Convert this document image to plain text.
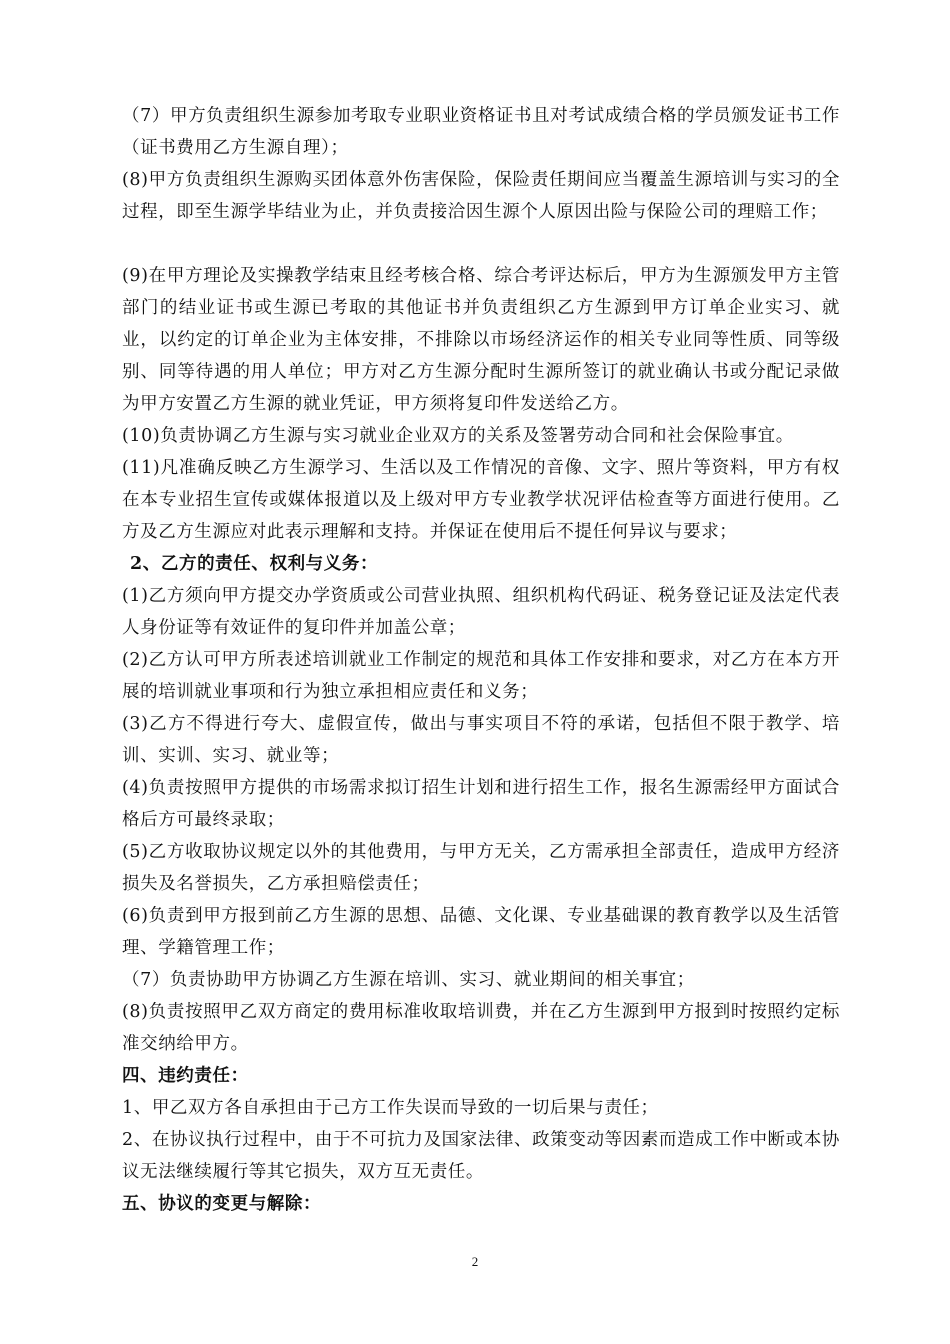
（7）甲方负责组织生源参加考取专业职业资格证书且对考试成绩合格的学员颁发证书工作（证书费用乙方生源自理）；

(8)甲方负责组织生源购买团体意外伤害保险，保险责任期间应当覆盖生源培训与实习的全过程，即至生源学毕结业为止，并负责接洽因生源个人原因出险与保险公司的理赔工作；

(9)在甲方理论及实操教学结束且经考核合格、综合考评达标后，甲方为生源颁发甲方主管部门的结业证书或生源已考取的其他证书并负责组织乙方生源到甲方订单企业实习、就业，以约定的订单企业为主体安排，不排除以市场经济运作的相关专业同等性质、同等级别、同等待遇的用人单位；甲方对乙方生源分配时生源所签订的就业确认书或分配记录做为甲方安置乙方生源的就业凭证，甲方须将复印件发送给乙方。

(10)负责协调乙方生源与实习就业企业双方的关系及签署劳动合同和社会保险事宜。

(11)凡准确反映乙方生源学习、生活以及工作情况的音像、文字、照片等资料，甲方有权在本专业招生宣传或媒体报道以及上级对甲方专业教学状况评估检查等方面进行使用。乙方及乙方生源应对此表示理解和支持。并保证在使用后不提任何异议与要求；

2、乙方的责任、权利与义务：

(1)乙方须向甲方提交办学资质或公司营业执照、组织机构代码证、税务登记证及法定代表人身份证等有效证件的复印件并加盖公章；

(2)乙方认可甲方所表述培训就业工作制定的规范和具体工作安排和要求，对乙方在本方开展的培训就业事项和行为独立承担相应责任和义务；

(3)乙方不得进行夸大、虚假宣传，做出与事实项目不符的承诺，包括但不限于教学、培训、实训、实习、就业等；

(4)负责按照甲方提供的市场需求拟订招生计划和进行招生工作，报名生源需经甲方面试合格后方可最终录取；

(5)乙方收取协议规定以外的其他费用，与甲方无关，乙方需承担全部责任，造成甲方经济损失及名誉损失，乙方承担赔偿责任；

(6)负责到甲方报到前乙方生源的思想、品德、文化课、专业基础课的教育教学以及生活管理、学籍管理工作；

（7）负责协助甲方协调乙方生源在培训、实习、就业期间的相关事宜；

(8)负责按照甲乙双方商定的费用标准收取培训费，并在乙方生源到甲方报到时按照约定标准交纳给甲方。

四、违约责任：

1、甲乙双方各自承担由于己方工作失误而导致的一切后果与责任；

2、在协议执行过程中，由于不可抗力及国家法律、政策变动等因素而造成工作中断或本协议无法继续履行等其它损失，双方互无责任。

五、协议的变更与解除：

2
